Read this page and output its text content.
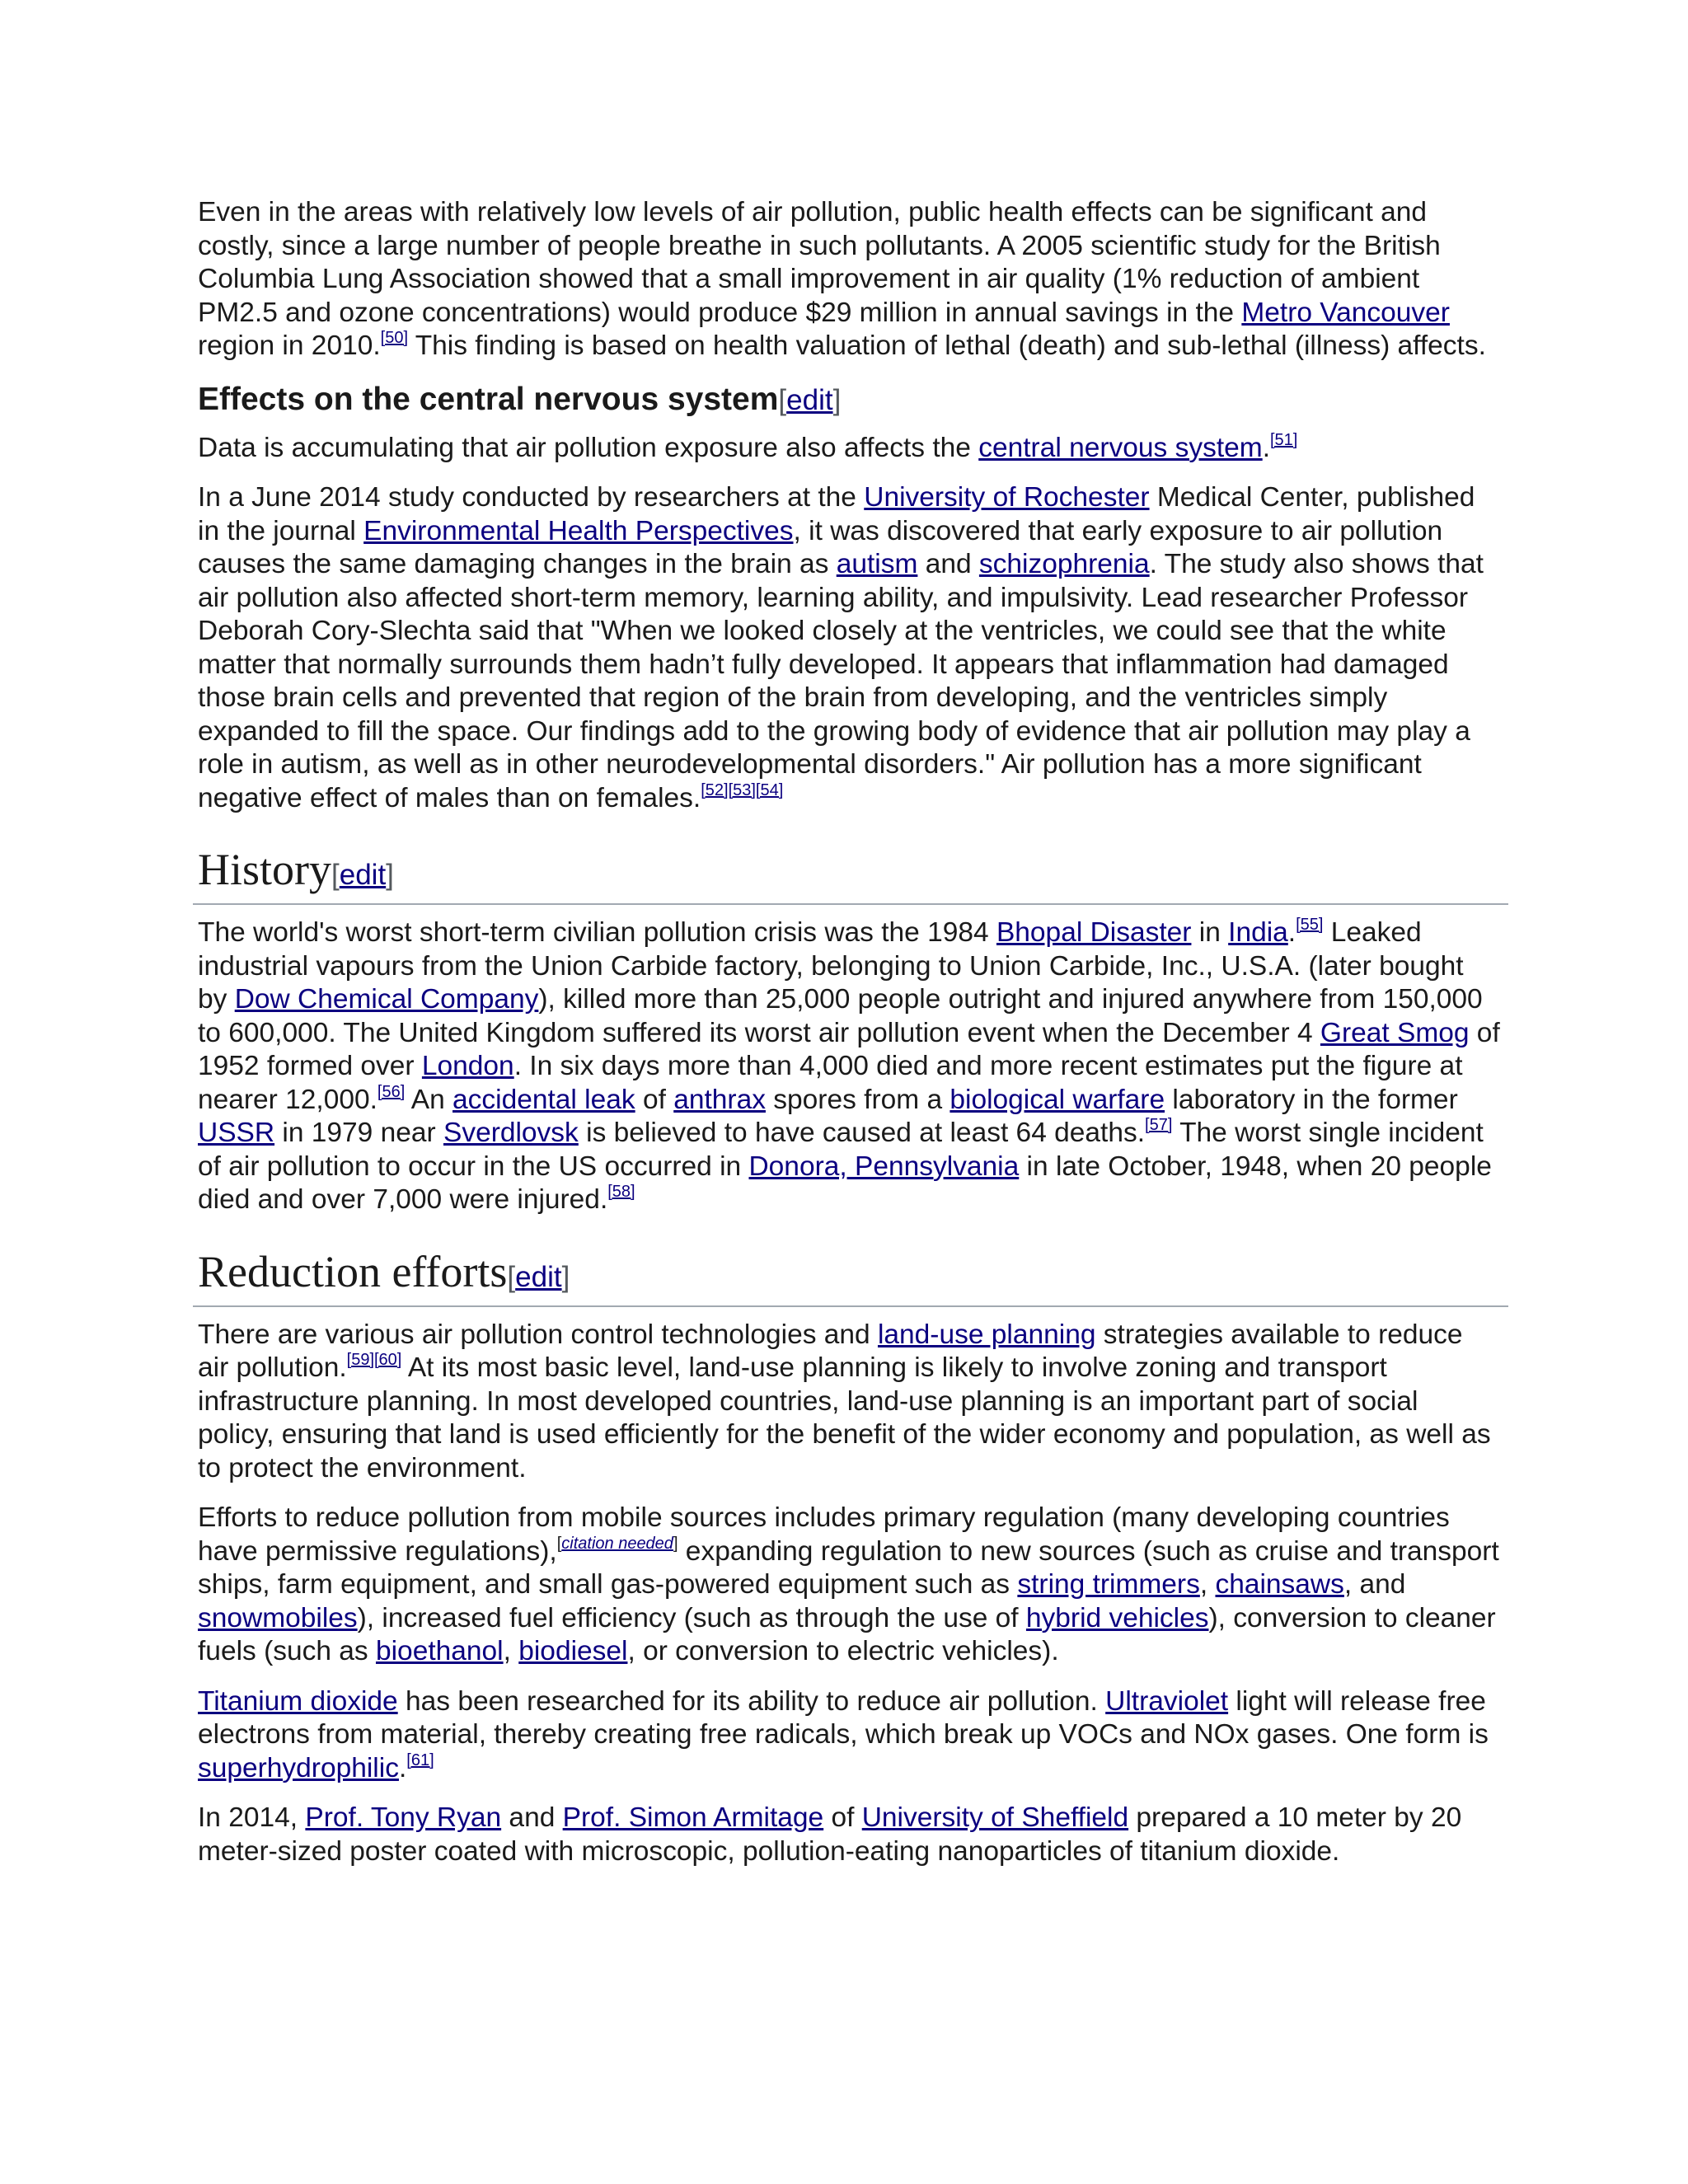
Even in the areas with relatively low levels of air pollution, public health effects can be significant and costly, since a large number of people breathe in such pollutants. A 2005 scientific study for the British Columbia Lung Association showed that a small improvement in air quality (1% reduction of ambient PM2.5 and ozone concentrations) would produce $29 million in annual savings in the Metro Vancouver region in 2010.[50] This finding is based on health valuation of lethal (death) and sub-lethal (illness) affects.

Effects on the central nervous system[edit]

Data is accumulating that air pollution exposure also affects the central nervous system.[51]

In a June 2014 study conducted by researchers at the University of Rochester Medical Center, published in the journal Environmental Health Perspectives, it was discovered that early exposure to air pollution causes the same damaging changes in the brain as autism and schizophrenia. The study also shows that air pollution also affected short-term memory, learning ability, and impulsivity. Lead researcher Professor Deborah Cory-Slechta said that "When we looked closely at the ventricles, we could see that the white matter that normally surrounds them hadn’t fully developed. It appears that inflammation had damaged those brain cells and prevented that region of the brain from developing, and the ventricles simply expanded to fill the space. Our findings add to the growing body of evidence that air pollution may play a role in autism, as well as in other neurodevelopmental disorders." Air pollution has a more significant negative effect of males than on females.[52][53][54]

History[edit]

The world's worst short-term civilian pollution crisis was the 1984 Bhopal Disaster in India.[55] Leaked industrial vapours from the Union Carbide factory, belonging to Union Carbide, Inc., U.S.A. (later bought by Dow Chemical Company), killed more than 25,000 people outright and injured anywhere from 150,000 to 600,000. The United Kingdom suffered its worst air pollution event when the December 4 Great Smog of 1952 formed over London. In six days more than 4,000 died and more recent estimates put the figure at nearer 12,000.[56] An accidental leak of anthrax spores from a biological warfare laboratory in the former USSR in 1979 near Sverdlovsk is believed to have caused at least 64 deaths.[57] The worst single incident of air pollution to occur in the US occurred in Donora, Pennsylvania in late October, 1948, when 20 people died and over 7,000 were injured.[58]

Reduction efforts[edit]

There are various air pollution control technologies and land-use planning strategies available to reduce air pollution.[59][60] At its most basic level, land-use planning is likely to involve zoning and transport infrastructure planning. In most developed countries, land-use planning is an important part of social policy, ensuring that land is used efficiently for the benefit of the wider economy and population, as well as to protect the environment.

Efforts to reduce pollution from mobile sources includes primary regulation (many developing countries have permissive regulations),[citation needed] expanding regulation to new sources (such as cruise and transport ships, farm equipment, and small gas-powered equipment such as string trimmers, chainsaws, and snowmobiles), increased fuel efficiency (such as through the use of hybrid vehicles), conversion to cleaner fuels (such as bioethanol, biodiesel, or conversion to electric vehicles).

Titanium dioxide has been researched for its ability to reduce air pollution. Ultraviolet light will release free electrons from material, thereby creating free radicals, which break up VOCs and NOx gases. One form is superhydrophilic.[61]

In 2014, Prof. Tony Ryan and Prof. Simon Armitage of University of Sheffield prepared a 10 meter by 20 meter-sized poster coated with microscopic, pollution-eating nanoparticles of titanium dioxide.
